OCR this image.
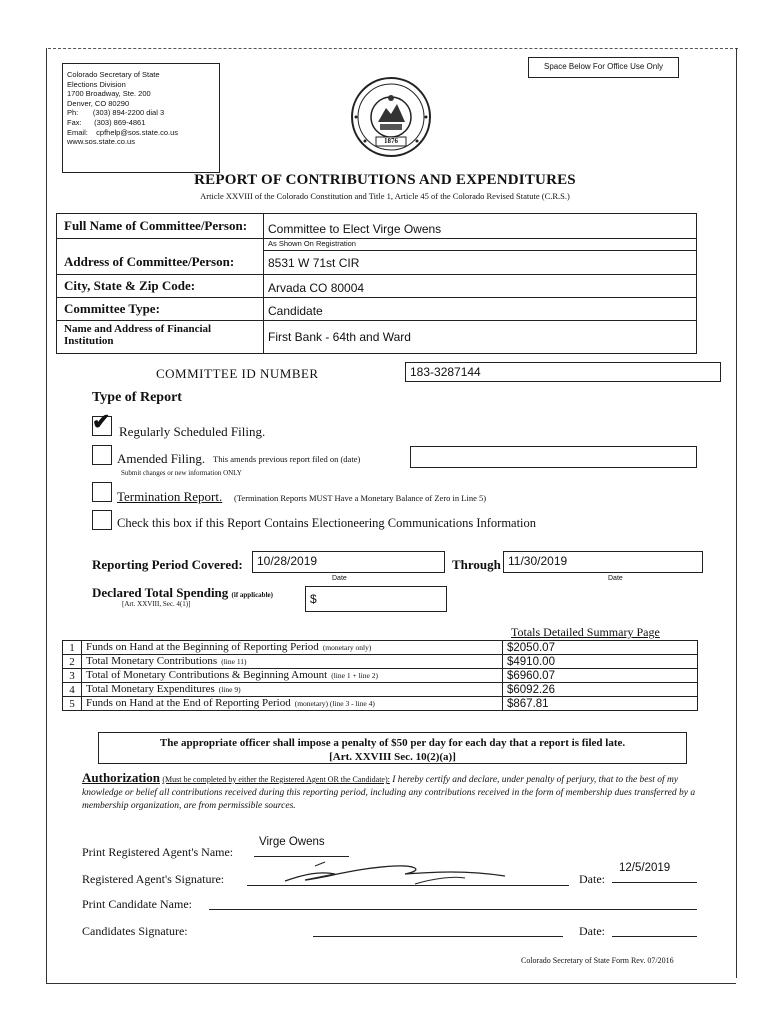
Colorado Secretary of State
Elections Division
1700 Broadway, Ste. 200
Denver, CO 80290
Ph:       (303) 894-2200 dial 3
Fax:      (303) 869-4861
Email:    cpfhelp@sos.state.co.us
www.sos.state.co.us
Space Below For Office Use Only
1876
REPORT OF CONTRIBUTIONS AND EXPENDITURES
Article XXVIII of the Colorado Constitution and Title 1, Article 45 of the Colorado Revised Statute (C.R.S.)
Full Name of Committee/Person: Committee to Elect Virge Owens
As Shown On Registration
Address of Committee/Person:	8531 W 71st CIR
City, State & Zip Code:	Arvada CO 80004
Committee Type:	Candidate
Name and Address of Financial Institution	First Bank - 64th and Ward
COMMITTEE ID NUMBER	183-3287144
Type of Report
✔ Regularly Scheduled Filing.
Amended Filing. This amends previous report filed on (date)
Submit changes or new information ONLY
Termination Report. (Termination Reports MUST Have a Monetary Balance of Zero in Line 5)
Check this box if this Report Contains Electioneering Communications Information
Reporting Period Covered:	10/28/2019
Date
Through 11/30/2019
Date
Declared Total Spending (if applicable)
[Art. XXVIII, Sec. 4(1)]	$
Totals Detailed Summary Page
1	Funds on Hand at the Beginning of Reporting Period (monetary only)	$2050.07
2	Total Monetary Contributions (line 11)	$4910.00
3	Total of Monetary Contributions & Beginning Amount (line 1 + line 2)	$6960.07
4	Total Monetary Expenditures (line 9)	$6092.26
5	Funds on Hand at the End of Reporting Period (monetary) (line 3 - line 4)	$867.81
The appropriate officer shall impose a penalty of $50 per day for each day that a report is filed late.
[Art. XXVIII Sec. 10(2)(a)]
Authorization (Must be completed by either the Registered Agent OR the Candidate): I hereby certify and declare, under penalty of perjury, that to the best of my knowledge or belief all contributions received during this reporting period, including any contributions received in the form of membership dues transferred by a membership organization, are from permissible sources.
Print Registered Agent's Name:
Virge Owens
Registered Agent's Signature:	Date:
12/5/2019
Print Candidate Name:
Candidates Signature:	Date:
Colorado Secretary of State Form Rev. 07/2016
